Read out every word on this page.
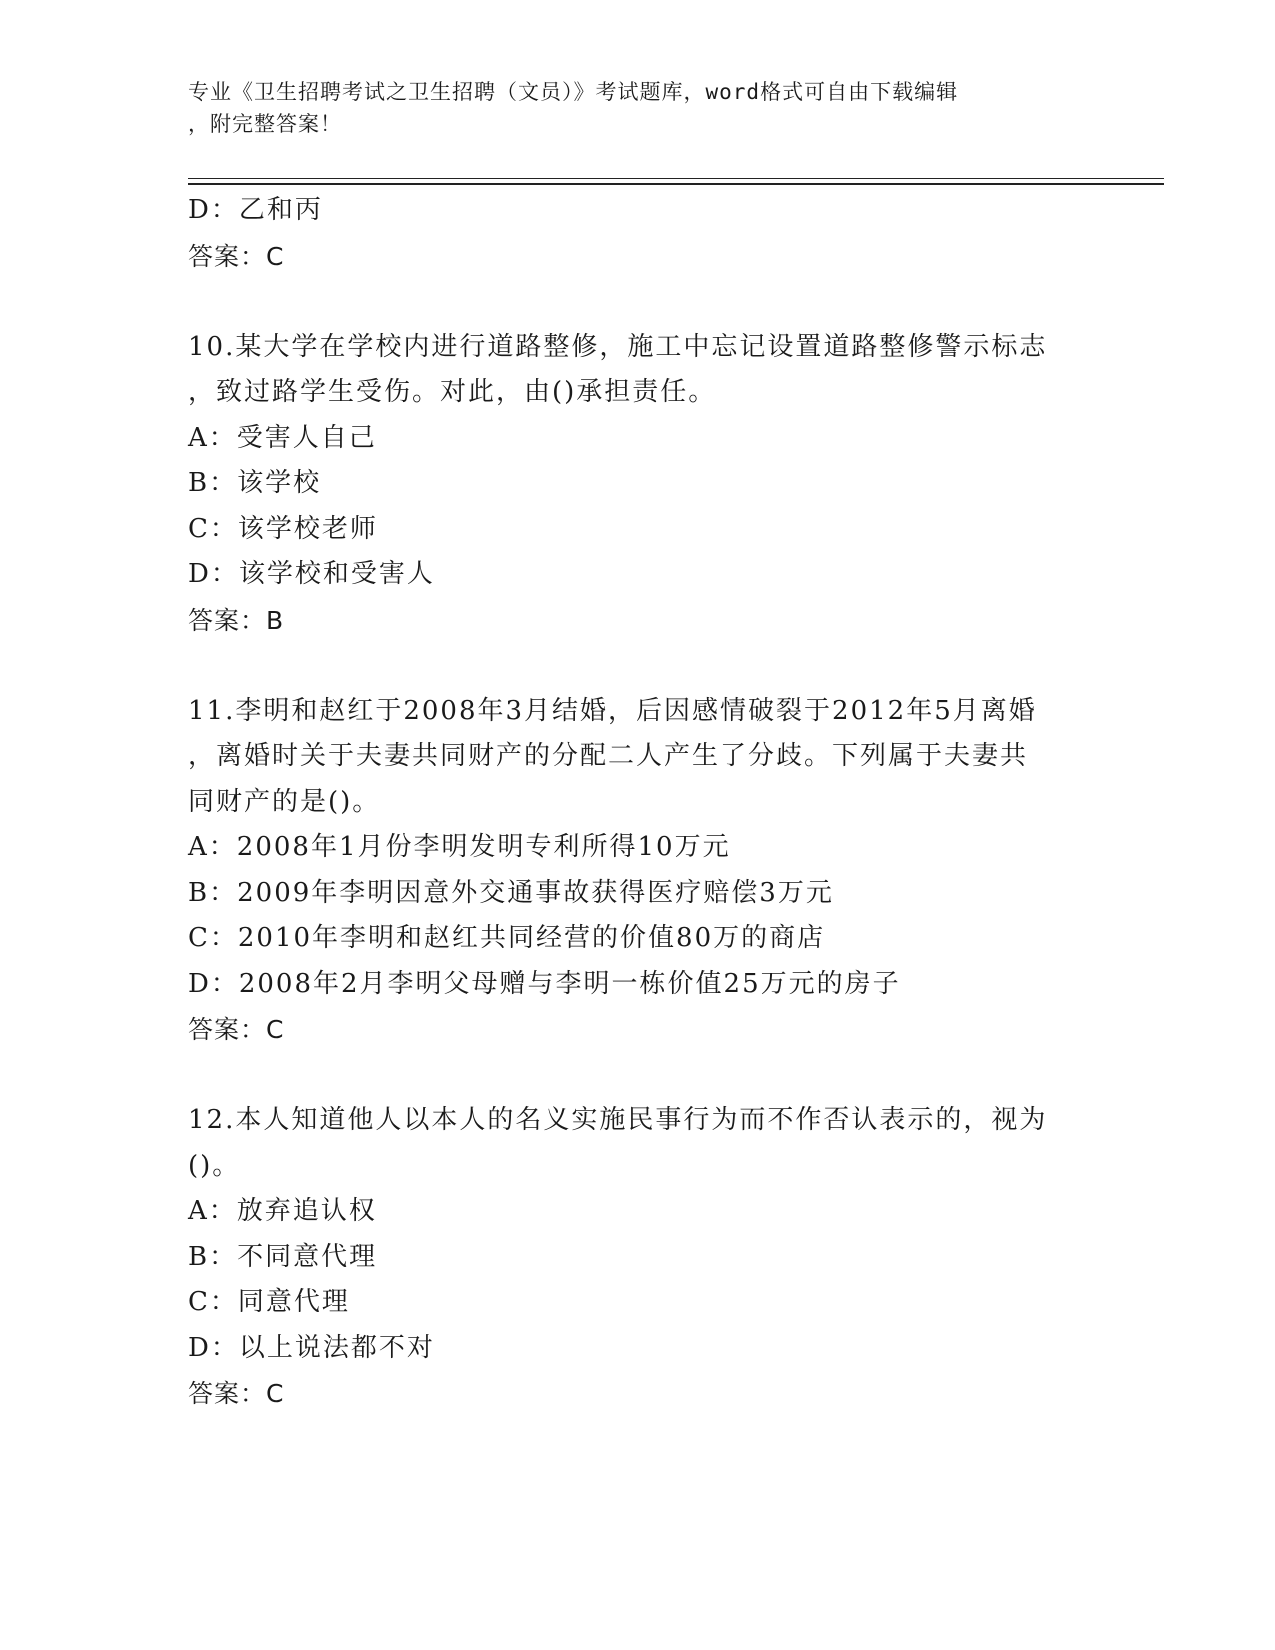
专业《卫生招聘考试之卫生招聘（文员）》考试题库，word格式可自由下载编辑
，附完整答案！
D：乙和丙
答案：C
10.某大学在学校内进行道路整修，施工中忘记设置道路整修警示标志
，致过路学生受伤。对此，由()承担责任。
A：受害人自己
B：该学校
C：该学校老师
D：该学校和受害人
答案：B
11.李明和赵红于2008年3月结婚，后因感情破裂于2012年5月离婚
，离婚时关于夫妻共同财产的分配二人产生了分歧。下列属于夫妻共
同财产的是()。
A：2008年1月份李明发明专利所得10万元
B：2009年李明因意外交通事故获得医疗赔偿3万元
C：2010年李明和赵红共同经营的价值80万的商店
D：2008年2月李明父母赠与李明一栋价值25万元的房子
答案：C
12.本人知道他人以本人的名义实施民事行为而不作否认表示的，视为
()。
A：放弃追认权
B：不同意代理
C：同意代理
D：以上说法都不对
答案：C
